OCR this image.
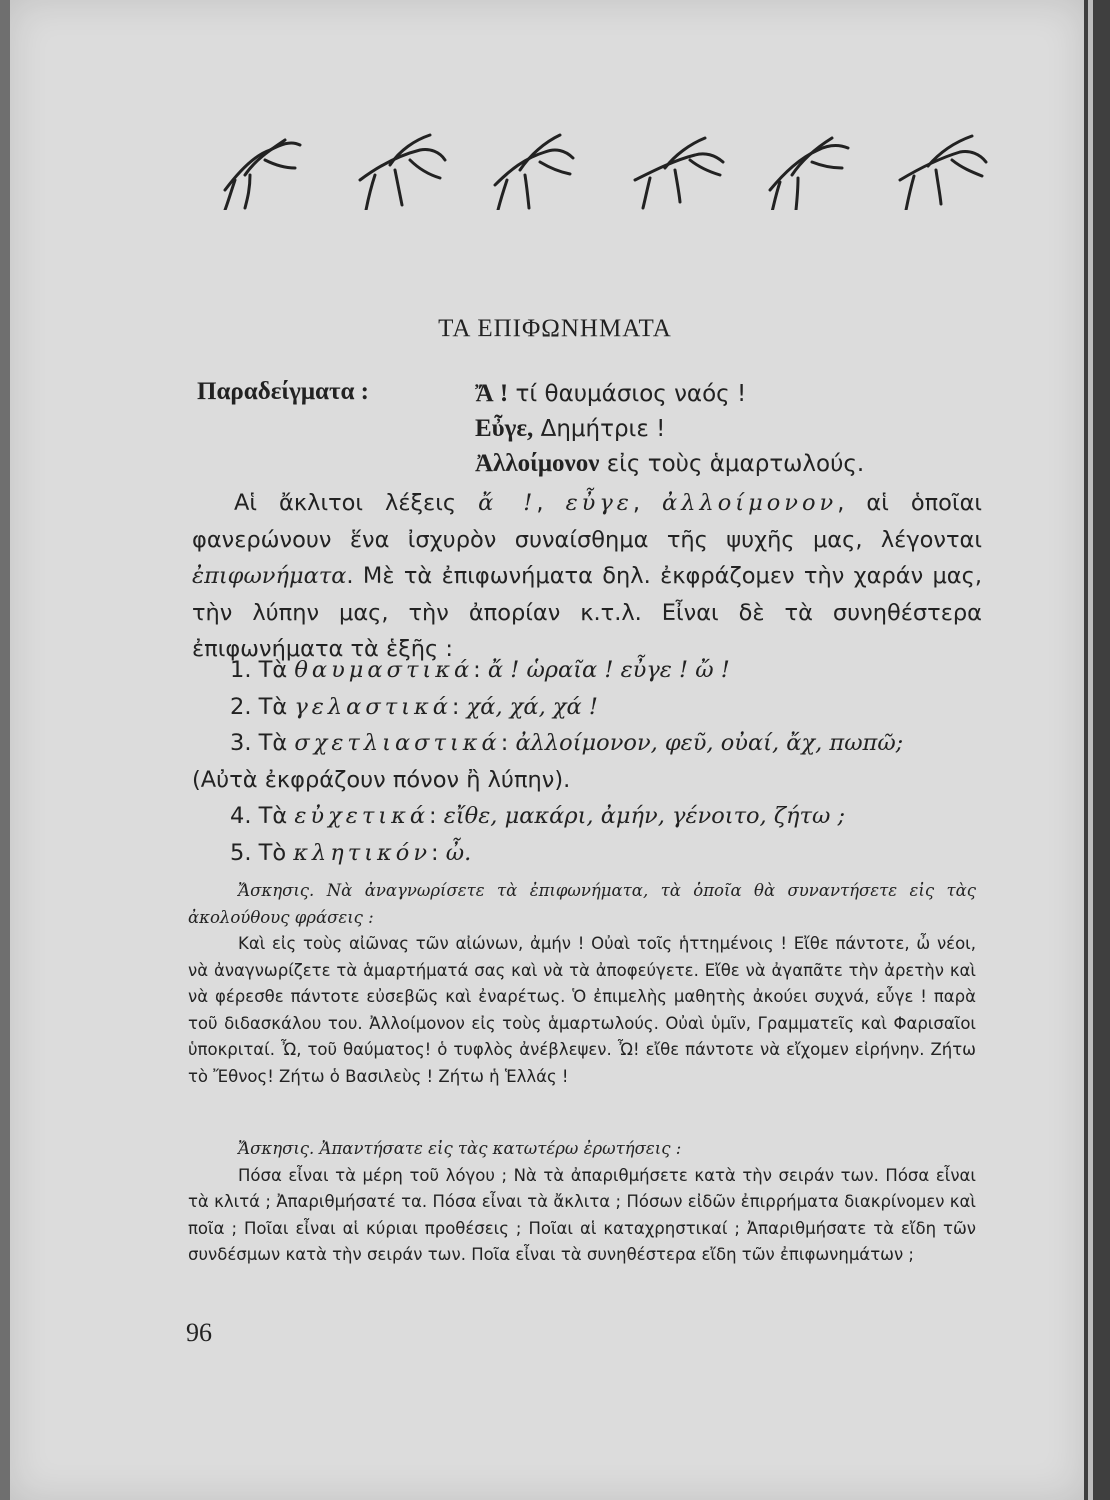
ΤΑ ΕΠΙΦΩΝΗΜΑΤΑ
Παραδείγματα :	Ἄ ! τί θαυμάσιος ναός !
Εὖγε, Δημήτριε !
Ἀλλοίμονον εἰς τοὺς ἁμαρτωλούς.
Αἱ ἄκλιτοι λέξεις ἄ !, εὖγε, ἀλλοίμονον, αἱ ὁποῖαι φανερώνουν ἕνα ἰσχυρὸν συναίσθημα τῆς ψυχῆς μας, λέγονται ἐπιφωνήματα. Μὲ τὰ ἐπιφωνήματα δηλ. ἐκφράζομεν τὴν χαράν μας, τὴν λύπην μας, τὴν ἀπορίαν κ.τ.λ. Εἶναι δὲ τὰ συνηθέστερα ἐπιφωνήματα τὰ ἑξῆς :
1. Τὰ θαυμαστικά: ἄ ! ὡραῖα ! εὖγε ! ὤ !
2. Τὰ γελαστικά: χά, χά, χά !
3. Τὰ σχετλιαστικά: ἀλλοίμονον, φεῦ, οὐαί, ἄχ, πωπῶ;
(Αὐτὰ ἐκφράζουν πόνον ἢ λύπην).
4. Τὰ εὐχετικά: εἴθε, μακάρι, ἀμήν, γένοιτο, ζήτω ;
5. Τὸ κλητικόν: ὦ.
Ἄσκησις. Νὰ ἀναγνωρίσετε τὰ ἐπιφωνήματα, τὰ ὁποῖα θὰ συναντήσετε εἰς τὰς ἀκολούθους φράσεις :
Καὶ εἰς τοὺς αἰῶνας τῶν αἰώνων, ἀμήν ! Οὐαὶ τοῖς ἡττημένοις ! Εἴθε πάντοτε, ὦ νέοι, νὰ ἀναγνωρίζετε τὰ ἁμαρτήματά σας καὶ νὰ τὰ ἀποφεύγετε. Εἴθε νὰ ἀγαπᾶτε τὴν ἀρετὴν καὶ νὰ φέρεσθε πάντοτε εὐσεβῶς καὶ ἐναρέτως. Ὁ ἐπιμελὴς μαθητὴς ἀκούει συχνά, εὖγε ! παρὰ τοῦ διδασκάλου του. Ἀλλοίμονον εἰς τοὺς ἁμαρτωλούς. Οὐαὶ ὑμῖν, Γραμματεῖς καὶ Φαρισαῖοι ὑποκριταί. Ὦ, τοῦ θαύματος! ὁ τυφλὸς ἀνέβλεψεν. Ὦ! εἴθε πάντοτε νὰ εἴχομεν εἰρήνην. Ζήτω τὸ Ἔθνος! Ζήτω ὁ Βασιλεὺς ! Ζήτω ἡ Ἑλλάς !
Ἄσκησις. Ἀπαντήσατε εἰς τὰς κατωτέρω ἐρωτήσεις :
Πόσα εἶναι τὰ μέρη τοῦ λόγου ; Νὰ τὰ ἀπαριθμήσετε κατὰ τὴν σειράν των. Πόσα εἶναι τὰ κλιτά ; Ἀπαριθμήσατέ τα. Πόσα εἶναι τὰ ἄκλιτα ; Πόσων εἰδῶν ἐπιρρήματα διακρίνομεν καὶ ποῖα ; Ποῖαι εἶναι αἱ κύριαι προθέσεις ; Ποῖαι αἱ καταχρηστικαί ; Ἀπαριθμήσατε τὰ εἴδη τῶν συνδέσμων κατὰ τὴν σειράν των. Ποῖα εἶναι τὰ συνηθέστερα εἴδη τῶν ἐπιφωνημάτων ;
96
